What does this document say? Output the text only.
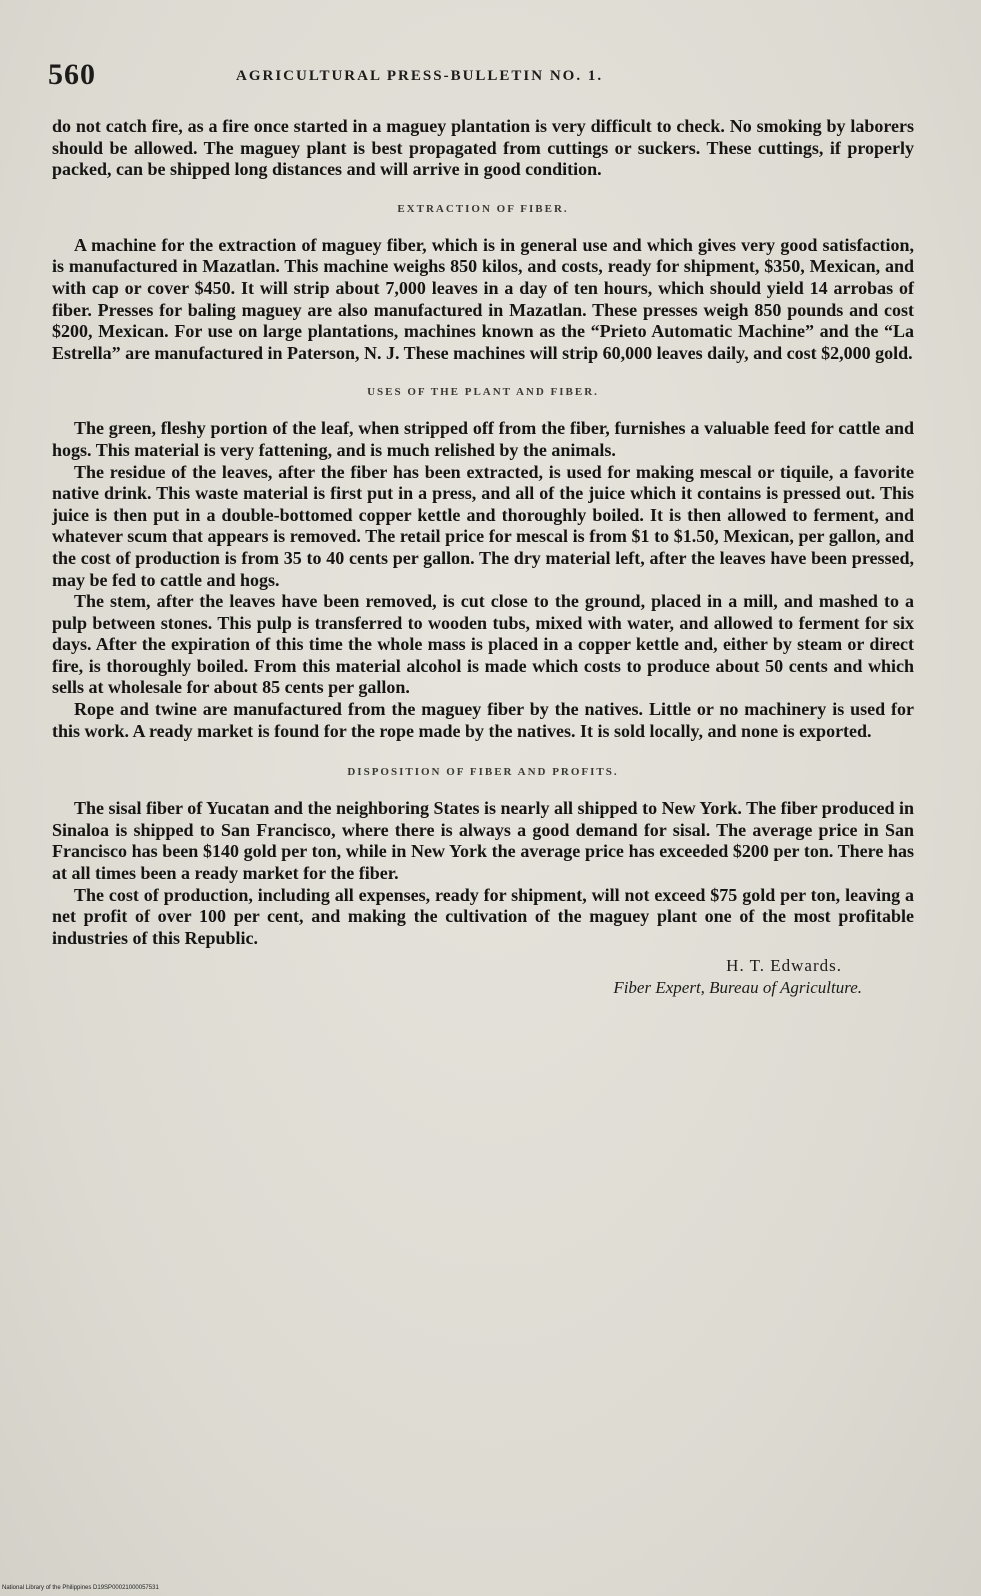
560	AGRICULTURAL PRESS-BULLETIN NO. 1.

do not catch fire, as a fire once started in a maguey plantation is very difficult to check. No smoking by laborers should be allowed. The maguey plant is best propagated from cuttings or suckers. These cuttings, if properly packed, can be shipped long distances and will arrive in good condition.

EXTRACTION OF FIBER.

A machine for the extraction of maguey fiber, which is in general use and which gives very good satisfaction, is manufactured in Mazatlan. This machine weighs 850 kilos, and costs, ready for shipment, $350, Mexican, and with cap or cover $450. It will strip about 7,000 leaves in a day of ten hours, which should yield 14 arrobas of fiber. Presses for baling maguey are also manufactured in Mazatlan. These presses weigh 850 pounds and cost $200, Mexican. For use on large plantations, machines known as the “Prieto Automatic Machine” and the “La Estrella” are manufactured in Paterson, N. J. These machines will strip 60,000 leaves daily, and cost $2,000 gold.

USES OF THE PLANT AND FIBER.

The green, fleshy portion of the leaf, when stripped off from the fiber, furnishes a valuable feed for cattle and hogs. This material is very fattening, and is much relished by the animals.

The residue of the leaves, after the fiber has been extracted, is used for making mescal or tiquile, a favorite native drink. This waste material is first put in a press, and all of the juice which it contains is pressed out. This juice is then put in a double-bottomed copper kettle and thoroughly boiled. It is then allowed to ferment, and whatever scum that appears is removed. The retail price for mescal is from $1 to $1.50, Mexican, per gallon, and the cost of production is from 35 to 40 cents per gallon. The dry material left, after the leaves have been pressed, may be fed to cattle and hogs.

The stem, after the leaves have been removed, is cut close to the ground, placed in a mill, and mashed to a pulp between stones. This pulp is transferred to wooden tubs, mixed with water, and allowed to ferment for six days. After the expiration of this time the whole mass is placed in a copper kettle and, either by steam or direct fire, is thoroughly boiled. From this material alcohol is made which costs to produce about 50 cents and which sells at wholesale for about 85 cents per gallon.

Rope and twine are manufactured from the maguey fiber by the natives. Little or no machinery is used for this work. A ready market is found for the rope made by the natives. It is sold locally, and none is exported.

DISPOSITION OF FIBER AND PROFITS.

The sisal fiber of Yucatan and the neighboring States is nearly all shipped to New York. The fiber produced in Sinaloa is shipped to San Francisco, where there is always a good demand for sisal. The average price in San Francisco has been $140 gold per ton, while in New York the average price has exceeded $200 per ton. There has at all times been a ready market for the fiber.

The cost of production, including all expenses, ready for shipment, will not exceed $75 gold per ton, leaving a net profit of over 100 per cent, and making the cultivation of the maguey plant one of the most profitable industries of this Republic.

H. T. Edwards.
Fiber Expert, Bureau of Agriculture.
National Library of the Philippines D19SP00021000057531
